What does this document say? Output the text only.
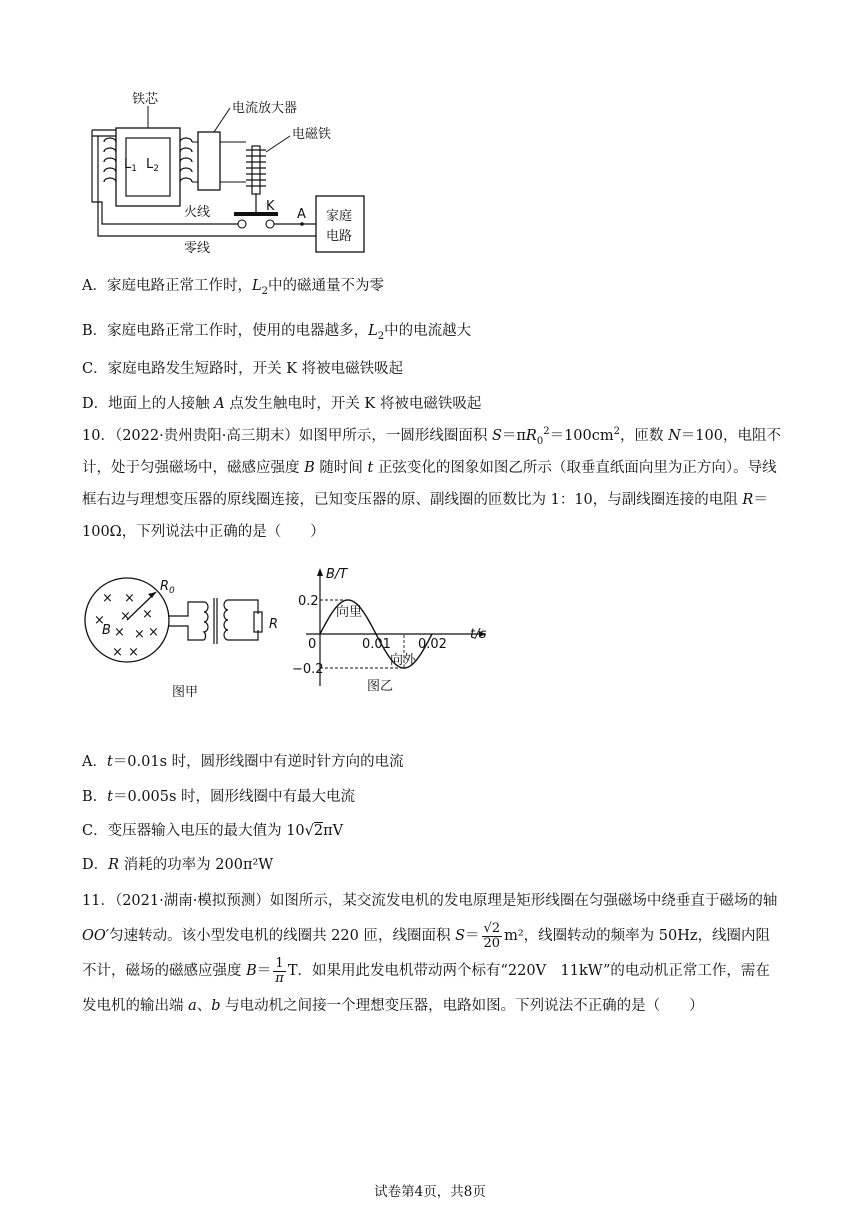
铁芯
$L_1$ $L_2$
电流放大器
电磁铁
K
火线
零线
A 家庭
电路
A．家庭电路正常工作时，$L_2$中的磁通量不为零
B．家庭电路正常工作时，使用的电器越多，$L_2$中的电流越大
C．家庭电路发生短路时，开关 K 将被电磁铁吸起
D．地面上的人接触 A 点发生触电时，开关 K 将被电磁铁吸起
10．（2022·贵州贵阳·高三期末）如图甲所示，一圆形线圈面积 $S=\pi R_0^2=100cm^2$，匝数 N＝100，电阻不计，处于匀强磁场中，磁感应强度 B 随时间 t 正弦变化的图象如图乙所示（取垂直纸面向里为正方向）。导线框右边与理想变压器的原线圈连接，已知变压器的原、副线圈的匝数比为 1：10，与副线圈连接的电阻 R＝100Ω，下列说法中正确的是（　　）
× ×
× × ×
× ×
× ×
×
$R_0$
B	R
图甲
B/T
t/s
0
0.2
−0.2
0.01 0.02
向里
向外
图乙
A．t＝0.01s 时，圆形线圈中有逆时针方向的电流
B．t＝0.005s 时，圆形线圈中有最大电流
C．变压器输入电压的最大值为 10√2πV
D．R 消耗的功率为 200π²W
11．（2021·湖南·模拟预测）如图所示，某交流发电机的发电原理是矩形线圈在匀强磁场中绕垂直于磁场的轴 OO′匀速转动。该小型发电机的线圈共 220 匝，线圈面积 $S= \frac{√2}{20} m^2$，线圈转动的频率为 50Hz，线圈内阻不计，磁场的磁感应强度 $B= \frac{1}{\pi}$ T．如果用此发电机带动两个标有“220V　11kW”的电动机正常工作，需在发电机的输出端 a、b 与电动机之间接一个理想变压器，电路如图。下列说法不正确的是（　　）
试卷第4页，共8页
